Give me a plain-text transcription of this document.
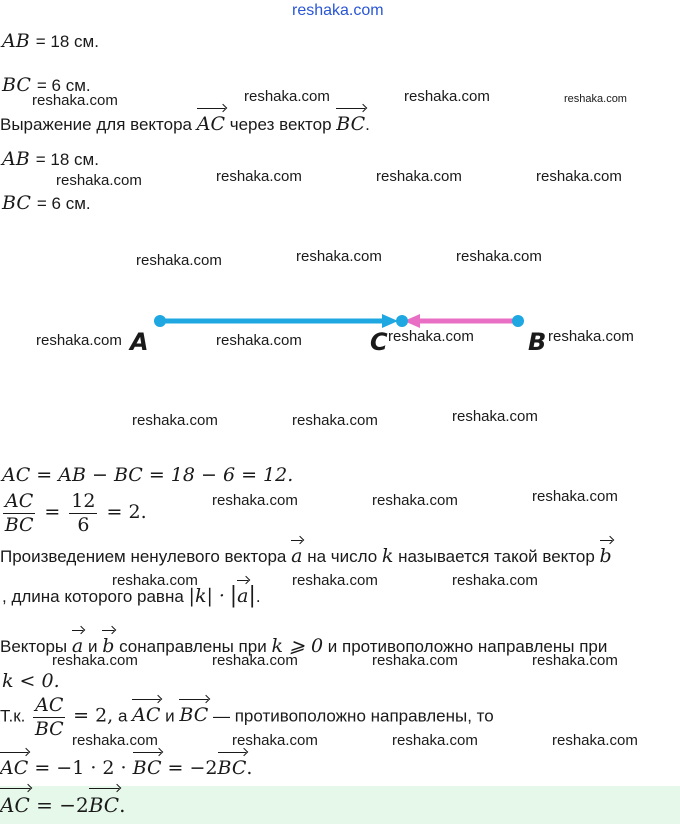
reshaka.com
AB = 18 см.
BC = 6 см.
Выражение для вектора AC через вектор BC.
AB = 18 см.
BC = 6 см.
A	C	B
AC = AB − BC = 18 − 6 = 12.
$\frac{AC}{BC} = \frac{12}{6} = 2$.
Произведением ненулевого вектора a на число k называется такой вектор b
, длина которого равна |k| · |
a|.
Векторы a и b сонаправлены при k ⩾ 0 и противоположно направлены при
k < 0.
Т.к. $\frac{AC}{BC} = 2$, а AC и BC — противоположно направлены, то
AC = −1 · 2 · BC = −2
BC.
AC = −2
BC.
reshaka.com	reshaka.com	reshaka.com	reshaka.com
reshaka.com	reshaka.com	reshaka.com	reshaka.com
reshaka.com	reshaka.com	reshaka.com
reshaka.com	reshaka.com	reshaka.com	reshaka.com
reshaka.com	reshaka.com	reshaka.com
reshaka.com	reshaka.com	reshaka.com
reshaka.com	reshaka.com	reshaka.com
reshaka.com	reshaka.com	reshaka.com	reshaka.com
reshaka.com	reshaka.com	reshaka.com	reshaka.com
